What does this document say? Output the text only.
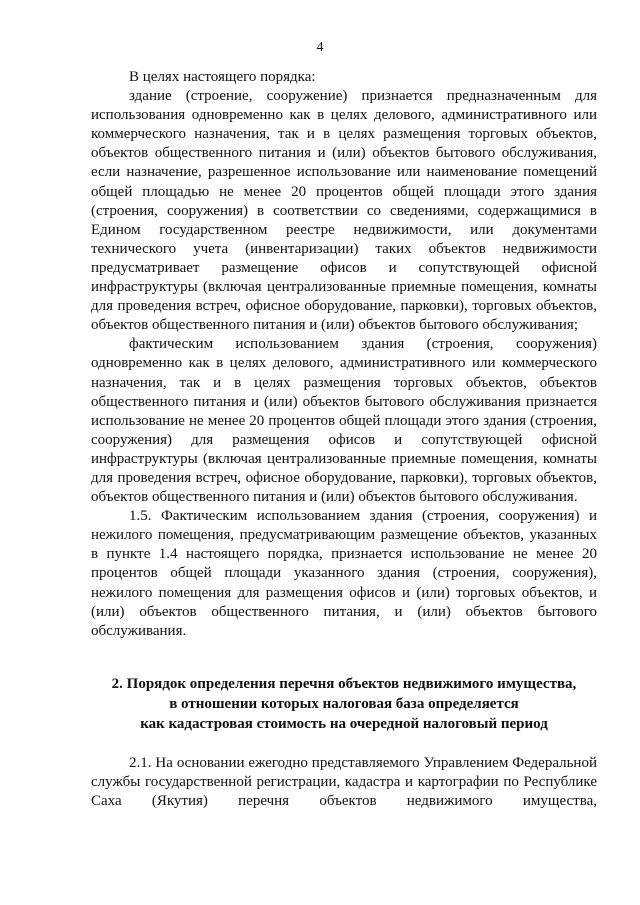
4

В целях настоящего порядка:

здание (строение, сооружение) признается предназначенным для использования одновременно как в целях делового, административного или коммерческого назначения, так и в целях размещения торговых объектов, объектов общественного питания и (или) объектов бытового обслуживания, если назначение, разрешенное использование или наименование помещений общей площадью не менее 20 процентов общей площади этого здания (строения, сооружения) в соответствии со сведениями, содержащимися в Едином государственном реестре недвижимости, или документами технического учета (инвентаризации) таких объектов недвижимости предусматривает размещение офисов и сопутствующей офисной инфраструктуры (включая централизованные приемные помещения, комнаты для проведения встреч, офисное оборудование, парковки), торговых объектов, объектов общественного питания и (или) объектов бытового обслуживания;

фактическим использованием здания (строения, сооружения) одновременно как в целях делового, административного или коммерческого назначения, так и в целях размещения торговых объектов, объектов общественного питания и (или) объектов бытового обслуживания признается использование не менее 20 процентов общей площади этого здания (строения, сооружения) для размещения офисов и сопутствующей офисной инфраструктуры (включая централизованные приемные помещения, комнаты для проведения встреч, офисное оборудование, парковки), торговых объектов, объектов общественного питания и (или) объектов бытового обслуживания.

1.5. Фактическим использованием здания (строения, сооружения) и нежилого помещения, предусматривающим размещение объектов, указанных в пункте 1.4 настоящего порядка, признается использование не менее 20 процентов общей площади указанного здания (строения, сооружения), нежилого помещения для размещения офисов и (или) торговых объектов, и (или) объектов общественного питания, и (или) объектов бытового обслуживания.

2. Порядок определения перечня объектов недвижимого имущества,
в отношении которых налоговая база определяется
как кадастровая стоимость на очередной налоговый период

2.1. На основании ежегодно представляемого Управлением Федеральной службы государственной регистрации, кадастра и картографии по Республике Саха (Якутия) перечня объектов недвижимого имущества,
